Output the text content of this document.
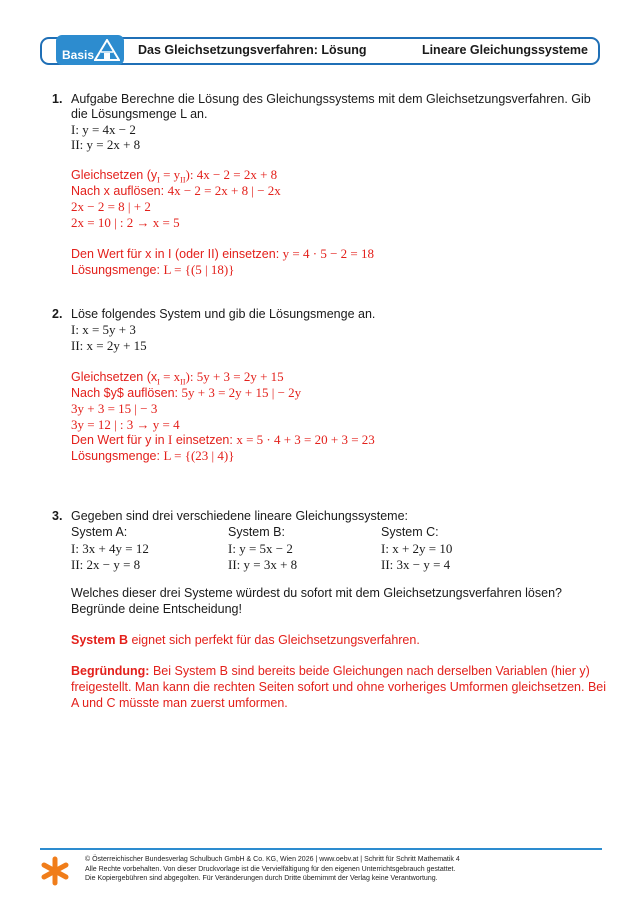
Basis	Das Gleichsetzungsverfahren: Lösung	Lineare Gleichungssysteme
1. Aufgabe Berechne die Lösung des Gleichungssystems mit dem Gleichsetzungsverfahren. Gib
die Lösungsmenge L an.
I: y = 4x − 2
II: y = 2x + 8
Gleichsetzen $(y_I = y_{II})$: 4x − 2 = 2x + 8
Nach x auflösen: 4x − 2 = 2x + 8 | − 2x
2x − 2 = 8 | + 2
2x = 10 | : 2 → x = 5
Den Wert für x in I (oder II) einsetzen: y = 4 · 5 − 2 = 18
Lösungsmenge: L = {(5 | 18)}
2. Löse folgendes System und gib die Lösungsmenge an.
I: x = 5y + 3
II: x = 2y + 15
Gleichsetzen $(x_I = x_{II})$: 5y + 3 = 2y + 15
Nach $y$ auflösen: 5y + 3 = 2y + 15 | − 2y
3y + 3 = 15 | − 3
3y = 12 | : 3 → y = 4
Den Wert für y in I einsetzen: x = 5 · 4 + 3 = 20 + 3 = 23
Lösungsmenge: L = {(23 | 4)}
3. Gegeben sind drei verschiedene lineare Gleichungssysteme:
System A:
I: 3x + 4y = 12
II: 2x − y = 8
System B:
I: y = 5x − 2
II: y = 3x + 8
System C:
I: x + 2y = 10
II: 3x − y = 4
Welches dieser drei Systeme würdest du sofort mit dem Gleichsetzungsverfahren lösen?
Begründe deine Entscheidung!
System B eignet sich perfekt für das Gleichsetzungsverfahren.
Begründung: Bei System B sind bereits beide Gleichungen nach derselben Variablen (hier y)
freigestellt. Man kann die rechten Seiten sofort und ohne vorheriges Umformen gleichsetzen. Bei
A und C müsste man zuerst umformen.
© Österreichischer Bundesverlag Schulbuch GmbH & Co. KG, Wien 2026 | www.oebv.at | Schritt für Schritt Mathematik 4
Alle Rechte vorbehalten. Von dieser Druckvorlage ist die Vervielfältigung für den eigenen Unterrichtsgebrauch gestattet.
Die Kopiergebühren sind abgegolten. Für Veränderungen durch Dritte übernimmt der Verlag keine Verantwortung.
